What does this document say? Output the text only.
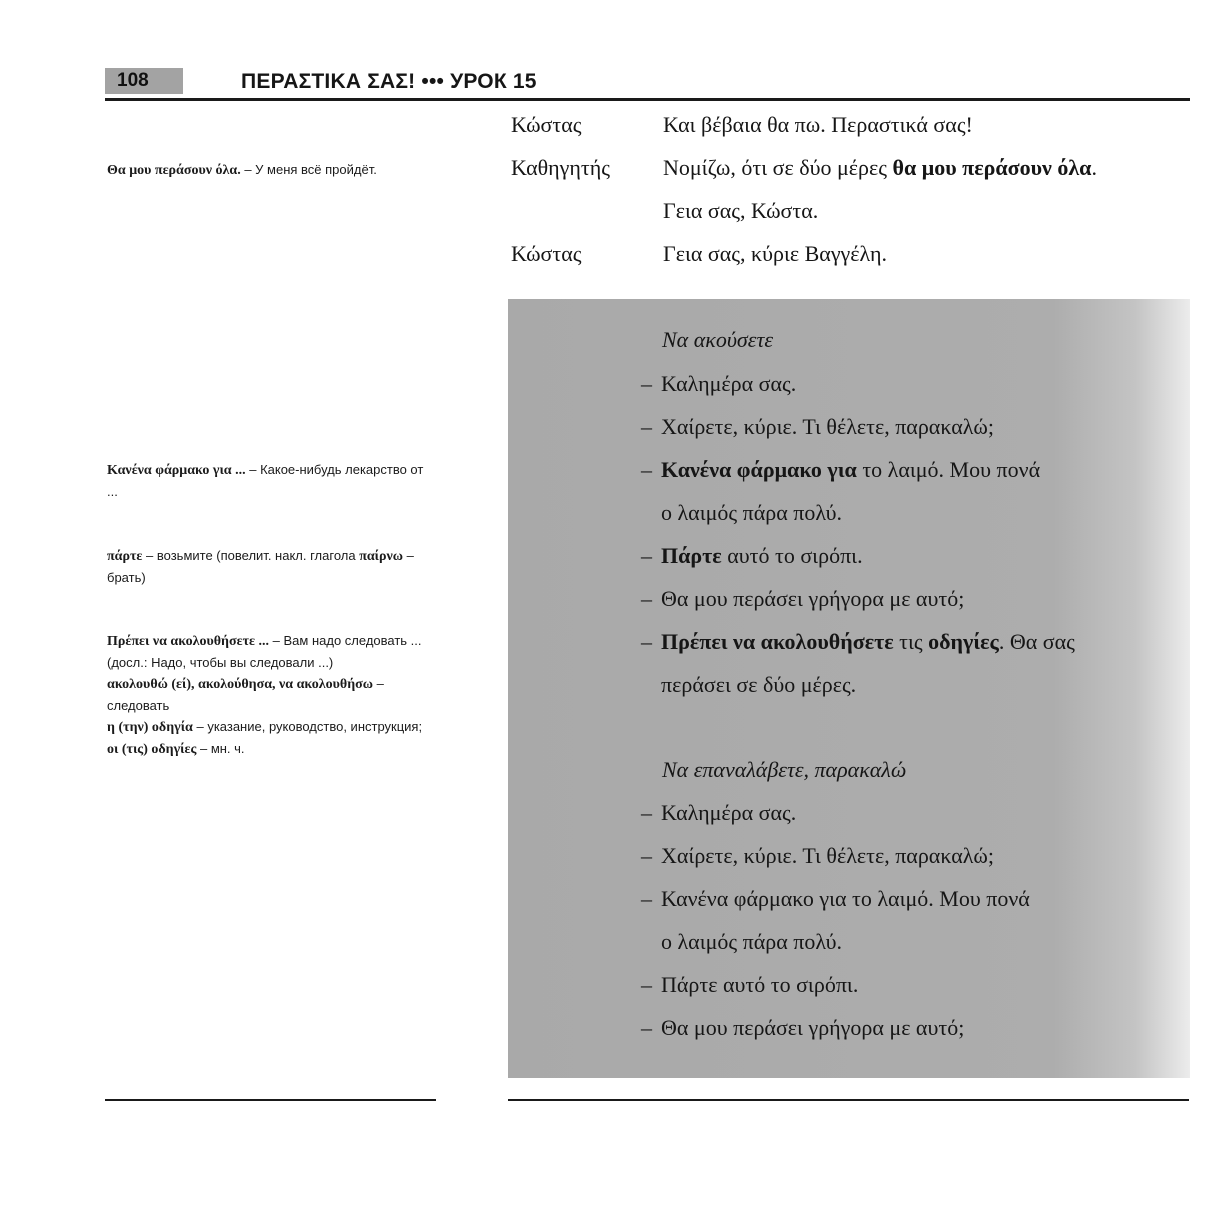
108	ΠΕΡΑΣΤΙΚΑ ΣΑΣ! ••• УРОК 15
Θα μου περάσουν όλα. – У меня всё пройдёт.
Κανένα φάρμακο για ... – Какое-нибудь лекарство от ...
πάρτε – возьмите (повелит. накл. глагола παίρνω – брать)
Πρέπει να ακολουθήσετε ... – Вам надо следовать ... (досл.: Надо, чтобы вы следовали ...)
ακολουθώ (εί), ακολούθησα, να ακολουθήσω – следовать
η (την) οδηγία – указание, руководство, инструкция; οι (τις) οδηγίες – мн. ч.
Κώστας	Και βέβαια θα πω. Περαστικά σας!
Καθηγητής Νομίζω, ότι σε δύο μέρες θα μου περάσουν όλα.
Γεια σας, Κώστα.
Κώστας	Γεια σας, κύριε Βαγγέλη.
Να ακούσετε
– Καλημέρα σας.
– Χαίρετε, κύριε. Τι θέλετε, παρακαλώ;
– Κανένα φάρμακο για το λαιμό. Μου πονά
ο λαιμός πάρα πολύ.
– Πάρτε αυτό το σιρόπι.
– Θα μου περάσει γρήγορα με αυτό;
– Πρέπει να ακολουθήσετε τις οδηγίες. Θα σας
περάσει σε δύο μέρες.
Να επαναλάβετε, παρακαλώ
– Καλημέρα σας.
– Χαίρετε, κύριε. Τι θέλετε, παρακαλώ;
– Κανένα φάρμακο για το λαιμό. Μου πονά
ο λαιμός πάρα πολύ.
– Πάρτε αυτό το σιρόπι.
– Θα μου περάσει γρήγορα με αυτό;
